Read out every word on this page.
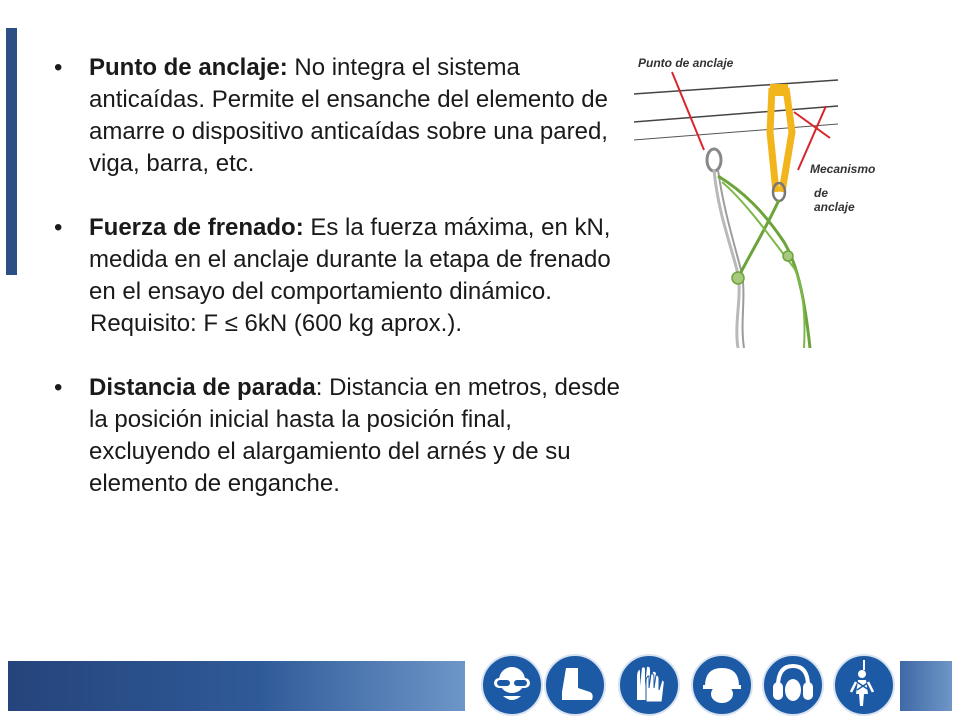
• Punto de anclaje: No integra el sistema anticaídas. Permite el ensanche del elemento de amarre o dispositivo anticaídas sobre una pared, viga, barra, etc.
• Fuerza de frenado: Es la fuerza máxima, en kN, medida en el anclaje durante la etapa de frenado en el ensayo del comportamiento dinámico.
Requisito: F ≤ 6kN (600 kg aprox.).
• Distancia de parada: Distancia en metros, desde la posición inicial hasta la posición final, excluyendo el alargamiento del arnés y de su elemento de enganche.
Punto de anclaje
Mecanismo
de anclaje
